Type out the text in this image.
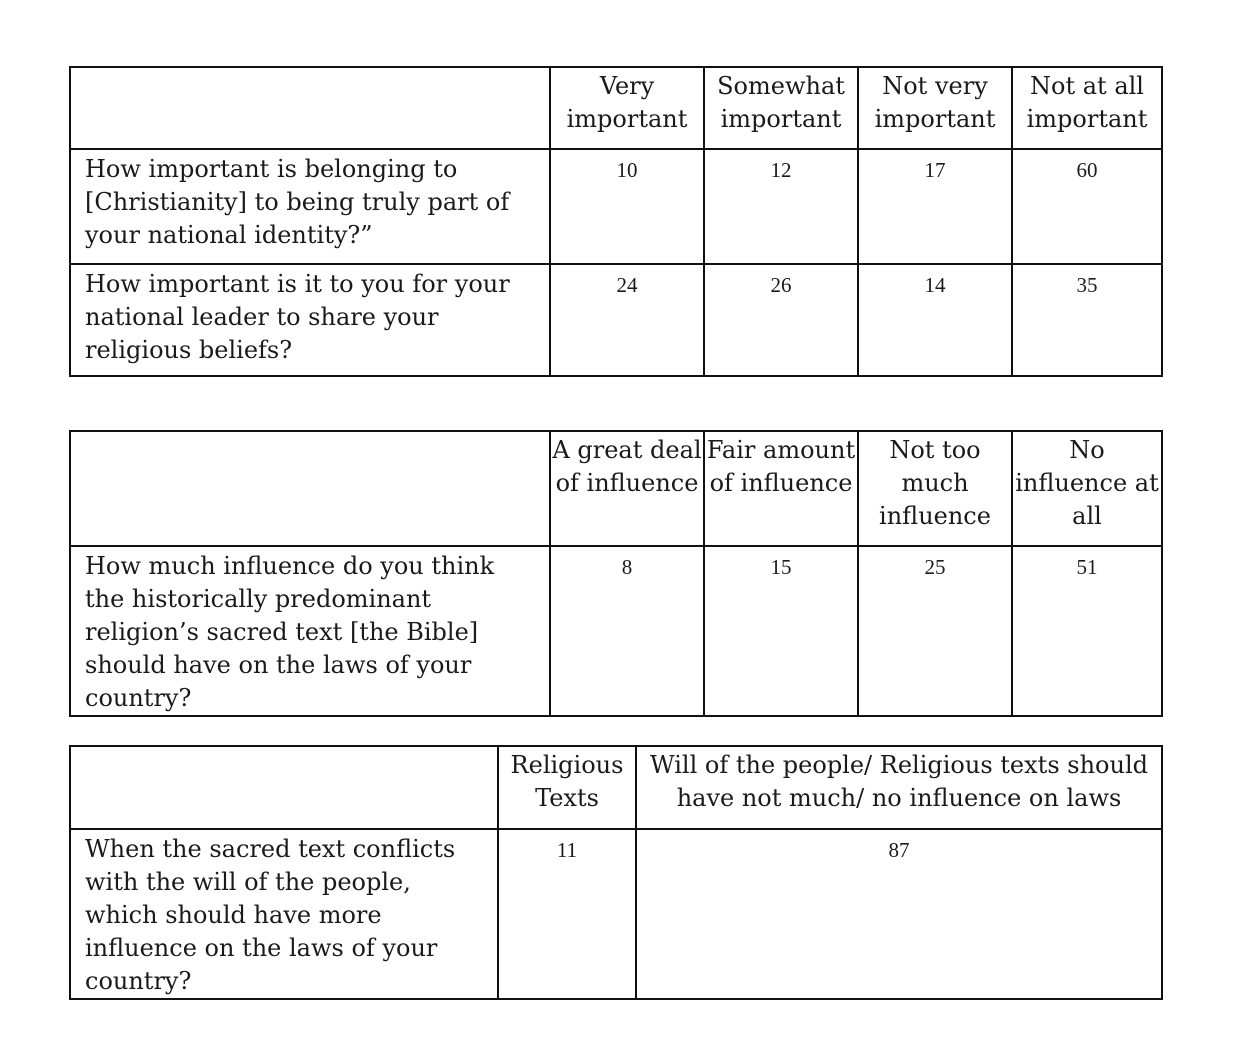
	Very important	Somewhat important	Not very important	Not at all important
How important is belonging to [Christianity] to being truly part of your national identity?”	10	12	17	60
How important is it to you for your national leader to share your religious beliefs?	24	26	14	35
	A great deal of influence	Fair amount of influence	Not too much influence	No influence at all
How much influence do you think the historically predominant religion’s sacred text [the Bible] should have on the laws of your country?	8	15	25	51
	Religious Texts	Will of the people/ Religious texts should have not much/ no influence on laws
When the sacred text conflicts with the will of the people, which should have more influence on the laws of your country?	11	87
